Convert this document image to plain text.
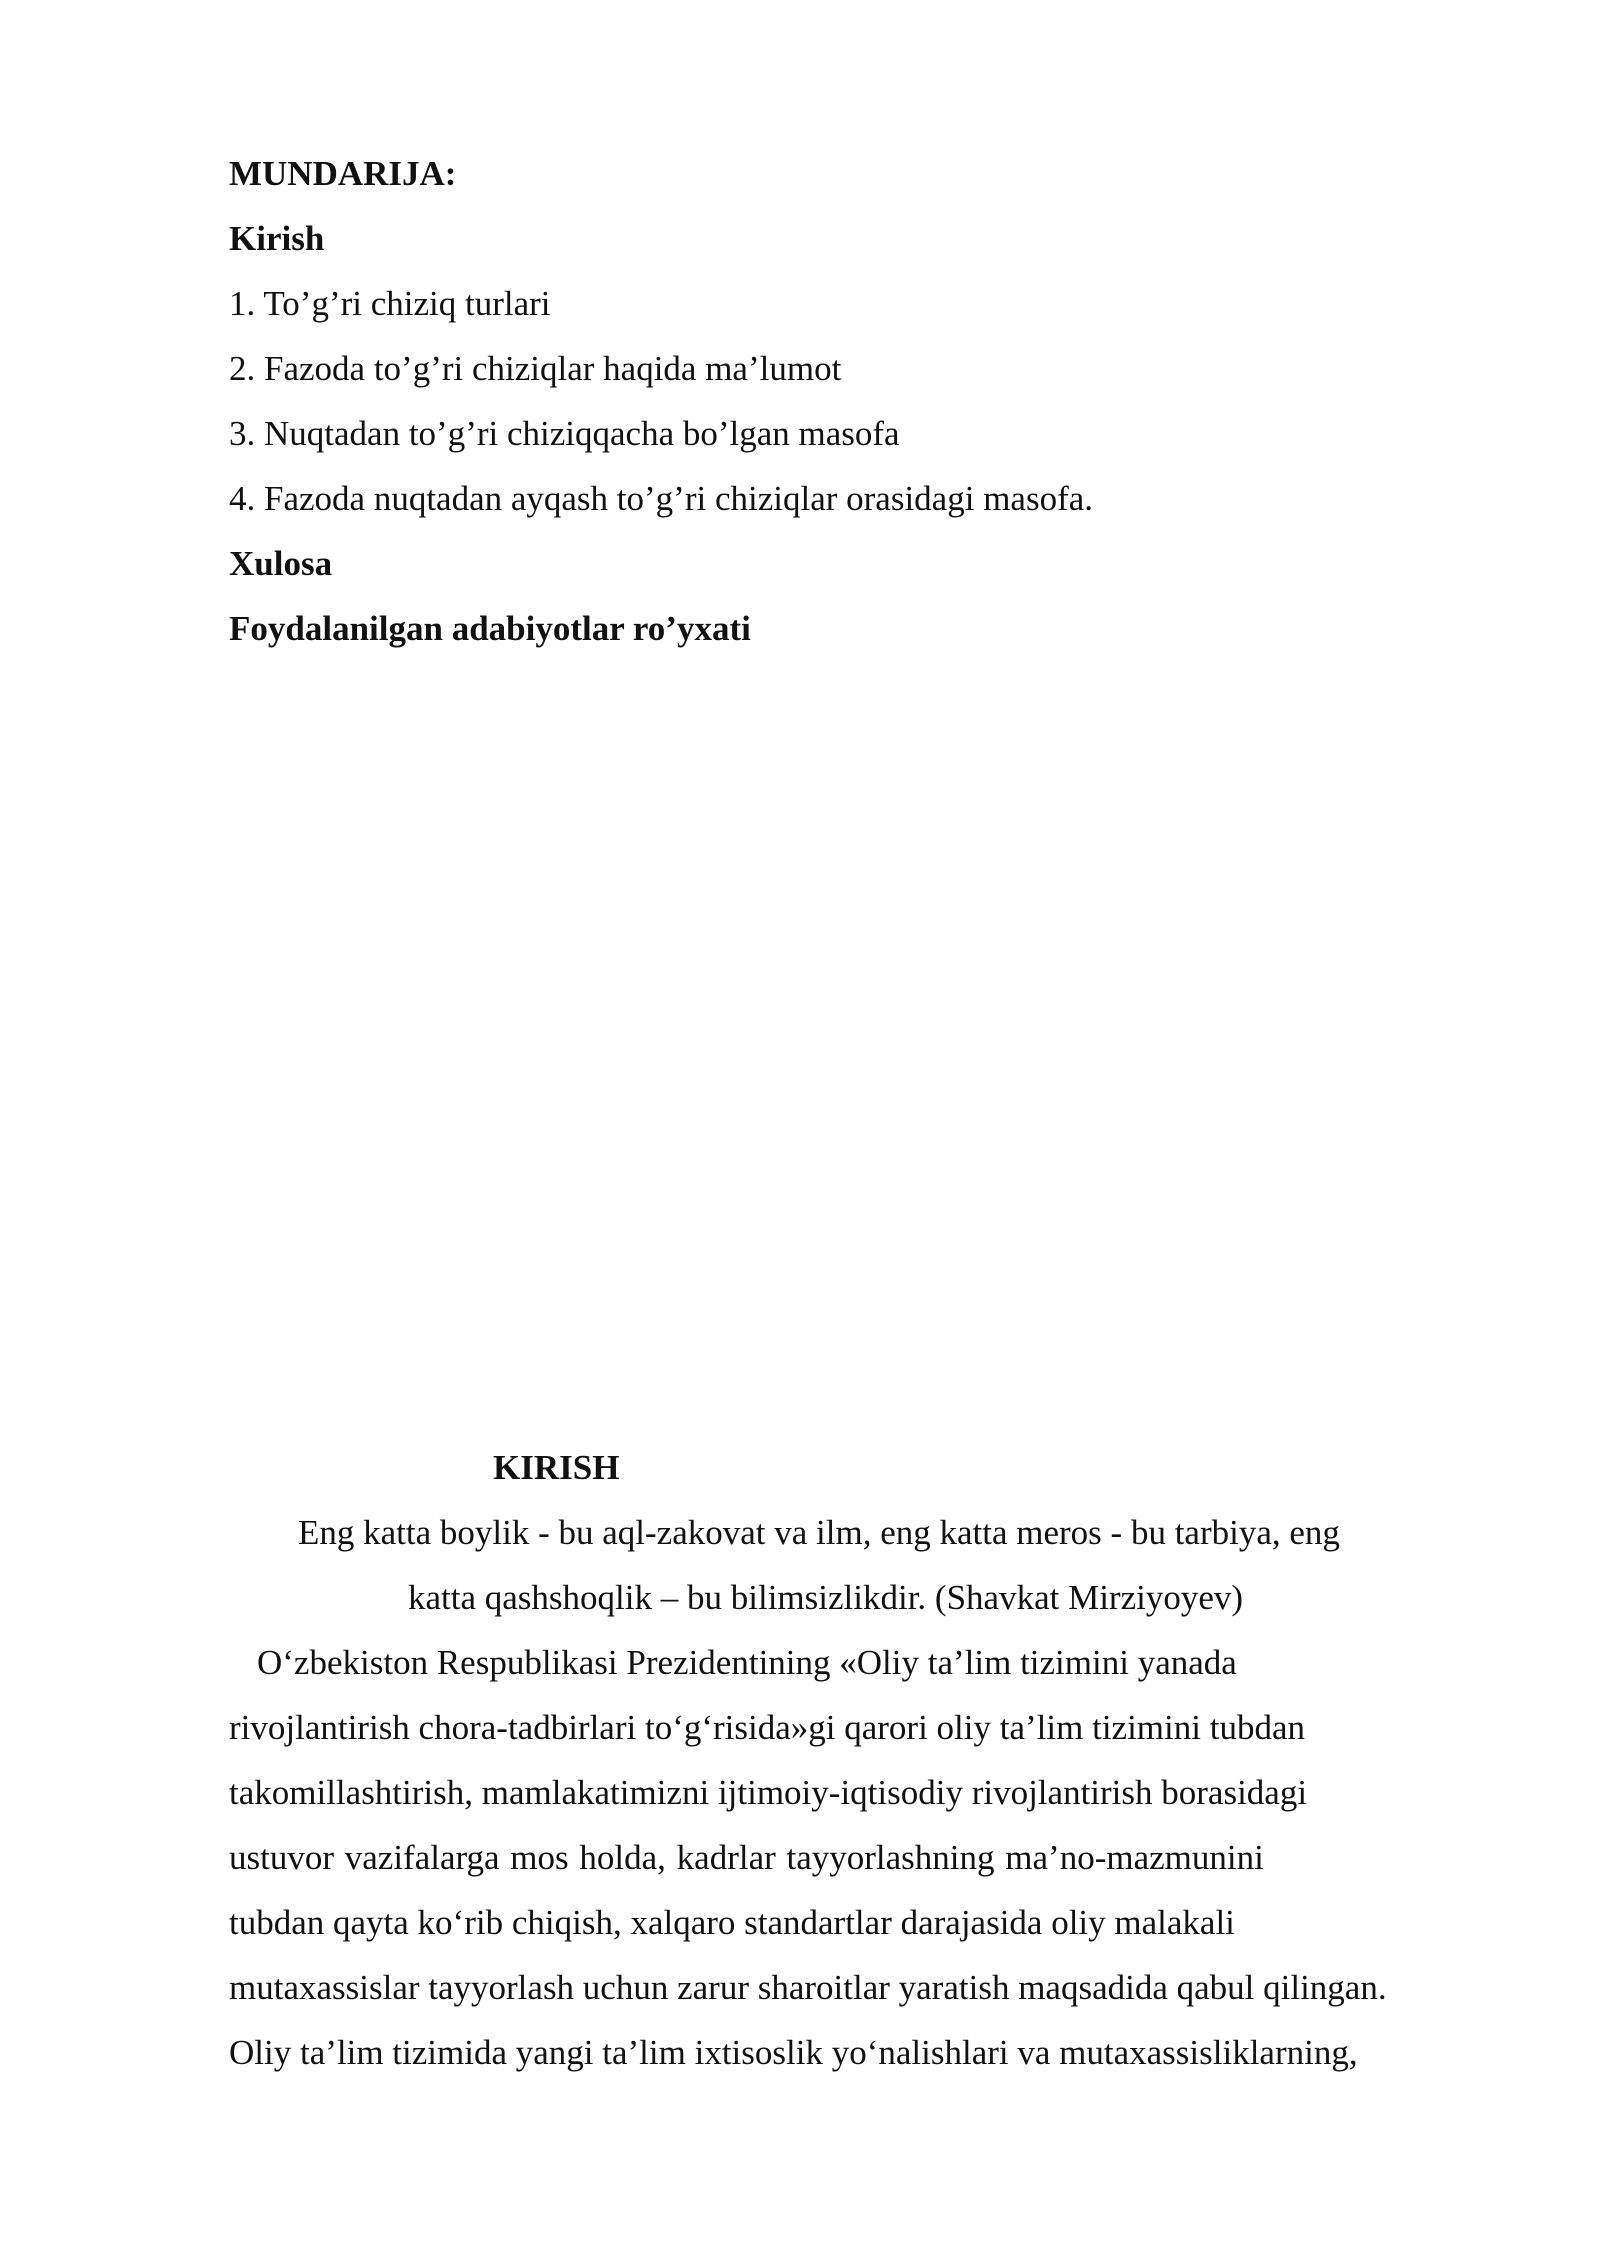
MUNDARIJA:
Kirish
1. To’g’ri chiziq turlari
2. Fazoda to’g’ri chiziqlar haqida ma’lumot
3. Nuqtadan to’g’ri chiziqqacha bo’lgan masofa
4. Fazoda nuqtadan ayqash to’g’ri chiziqlar orasidagi masofa.
Xulosa
Foydalanilgan adabiyotlar ro’yxati
KIRISH
Eng katta boylik - bu aql-zakovat va ilm, eng katta meros - bu tarbiya, eng
katta qashshoqlik – bu bilimsizlikdir. (Shavkat Mirziyoyev)
O‘zbekiston Respublikasi Prezidentining «Oliy ta’lim tizimini yanada
rivojlantirish chora-tadbirlari to‘g‘risida»gi qarori oliy ta’lim tizimini tubdan
takomillashtirish, mamlakatimizni ijtimoiy-iqtisodiy rivojlantirish borasidagi
ustuvor vazifalarga mos holda, kadrlar tayyorlashning ma’no-mazmunini
tubdan qayta ko‘rib chiqish, xalqaro standartlar darajasida oliy malakali
mutaxassislar tayyorlash uchun zarur sharoitlar yaratish maqsadida qabul qilingan.
Oliy ta’lim tizimida yangi ta’lim ixtisoslik yo‘nalishlari va mutaxassisliklarning,
